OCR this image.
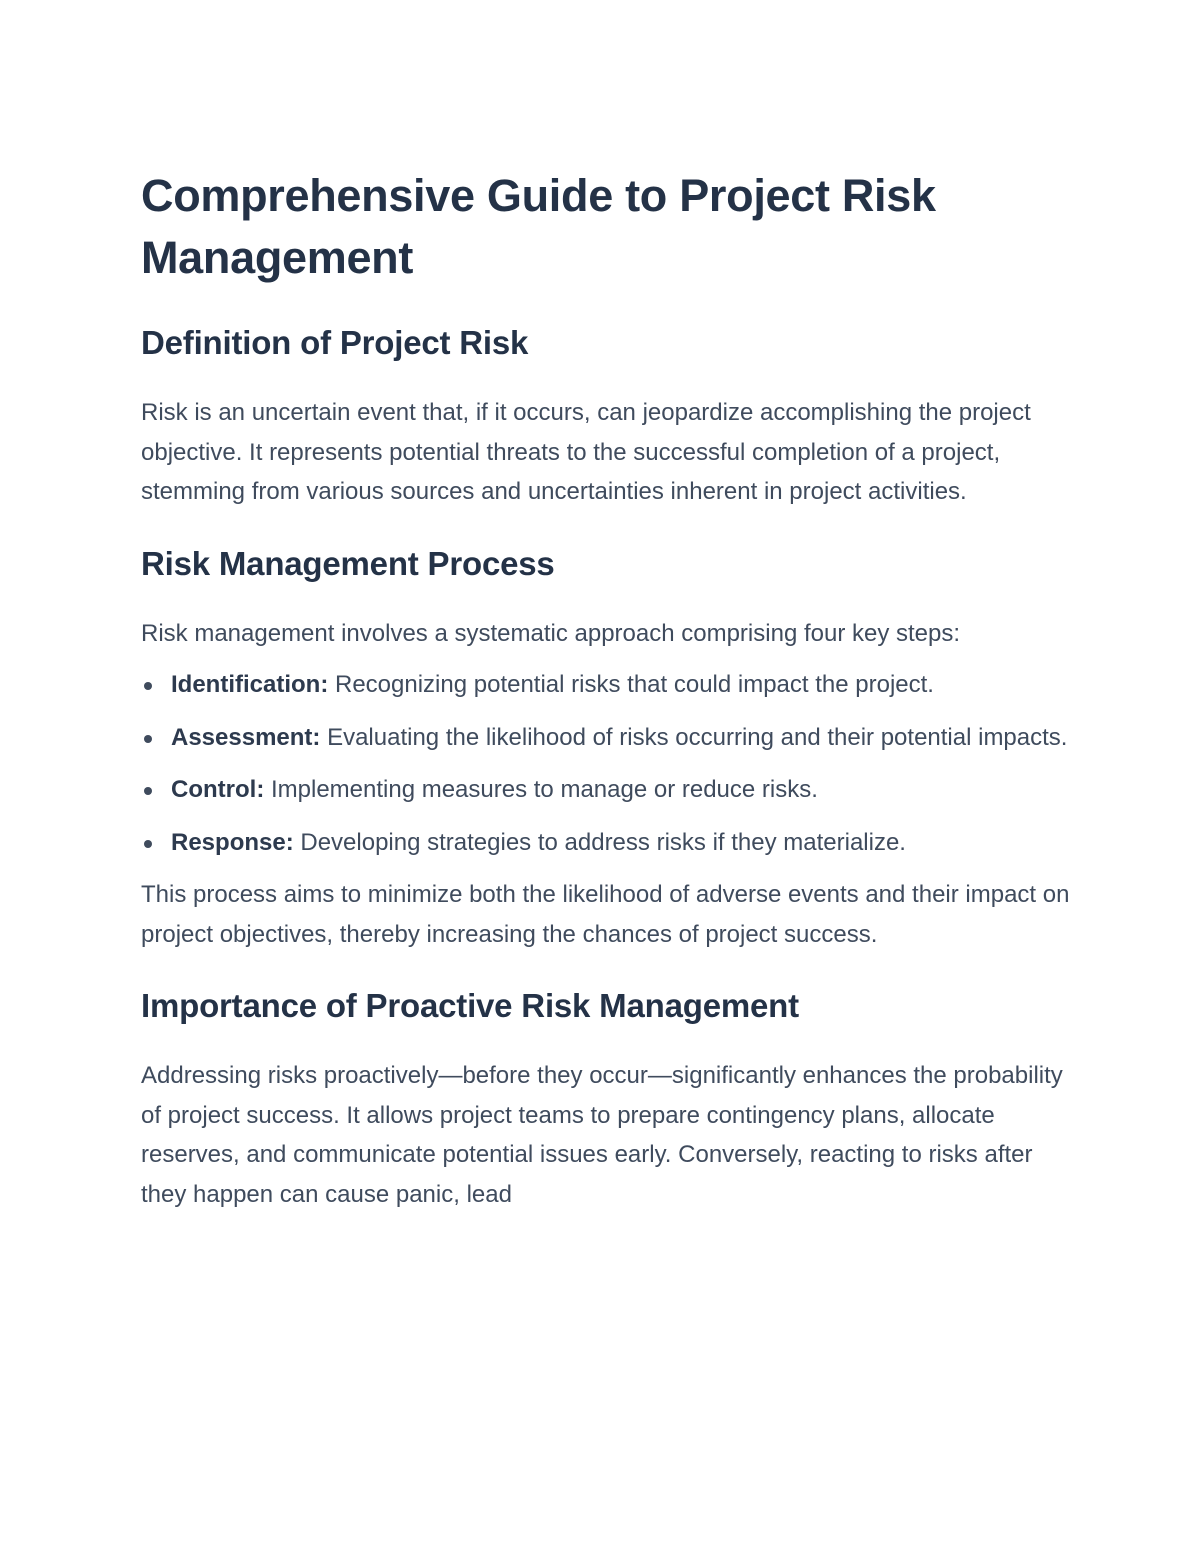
Comprehensive Guide to Project Risk Management
Definition of Project Risk

Risk is an uncertain event that, if it occurs, can jeopardize accomplishing the project objective. It represents potential threats to the successful completion of a project, stemming from various sources and uncertainties inherent in project activities.

Risk Management Process

Risk management involves a systematic approach comprising four key steps:

Identification: Recognizing potential risks that could impact the project.
Assessment: Evaluating the likelihood of risks occurring and their potential impacts.
Control: Implementing measures to manage or reduce risks.
Response: Developing strategies to address risks if they materialize.

This process aims to minimize both the likelihood of adverse events and their impact on project objectives, thereby increasing the chances of project success.

Importance of Proactive Risk Management

Addressing risks proactively—before they occur—significantly enhances the probability of project success. It allows project teams to prepare contingency plans, allocate reserves, and communicate potential issues early. Conversely, reacting to risks after they happen can cause panic, lead
